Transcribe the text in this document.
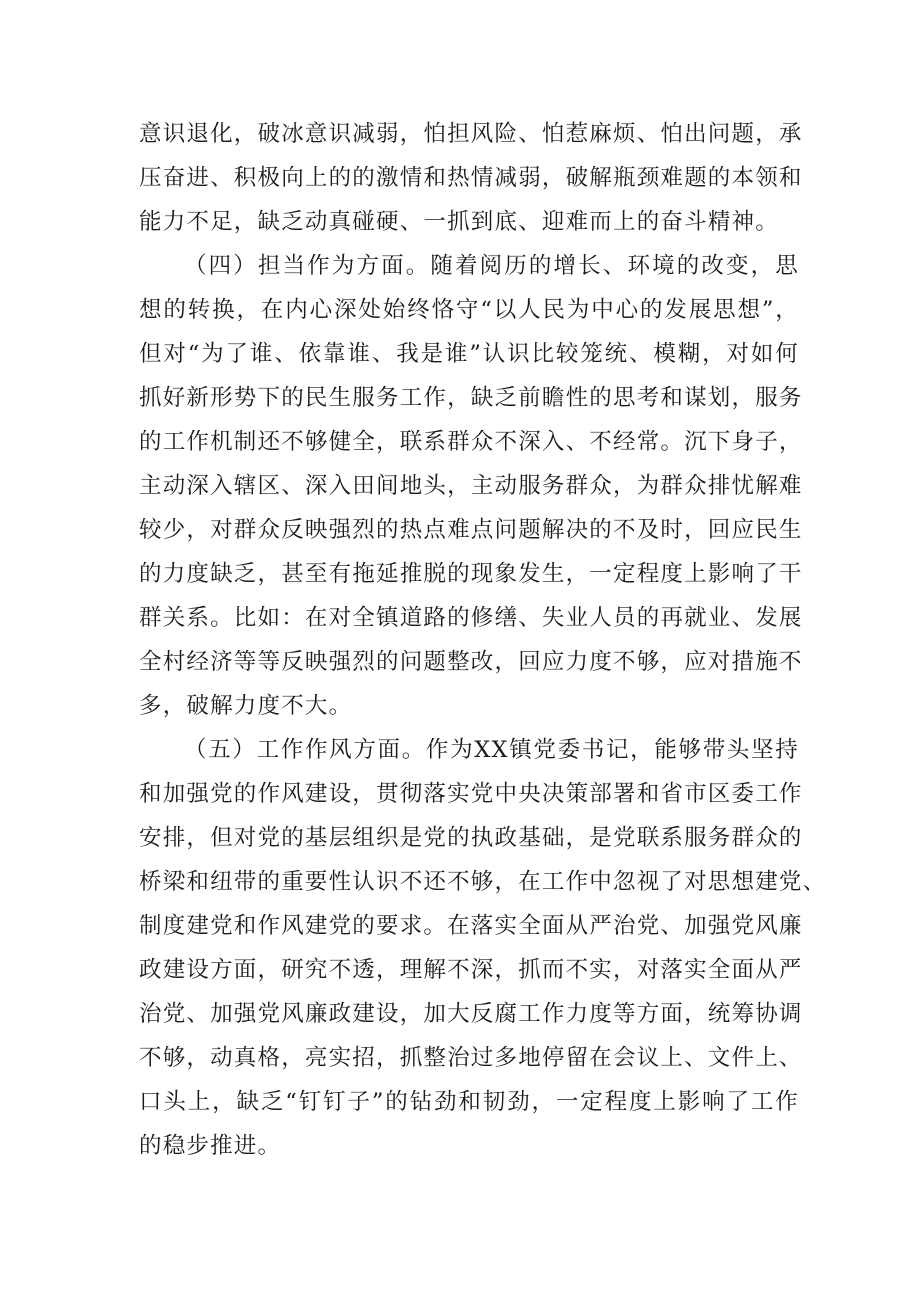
意识退化，破冰意识减弱，怕担风险、怕惹麻烦、怕出问题，承
压奋进、积极向上的的激情和热情减弱，破解瓶颈难题的本领和
能力不足，缺乏动真碰硬、一抓到底、迎难而上的奋斗精神。
（四）担当作为方面。随着阅历的增长、环境的改变，思
想的转换，在内心深处始终恪守“以人民为中心的发展思想”，
但对“为了谁、依靠谁、我是谁”认识比较笼统、模糊，对如何
抓好新形势下的民生服务工作，缺乏前瞻性的思考和谋划，服务
的工作机制还不够健全，联系群众不深入、不经常。沉下身子，
主动深入辖区、深入田间地头，主动服务群众，为群众排忧解难
较少，对群众反映强烈的热点难点问题解决的不及时，回应民生
的力度缺乏，甚至有拖延推脱的现象发生，一定程度上影响了干
群关系。比如：在对全镇道路的修缮、失业人员的再就业、发展
全村经济等等反映强烈的问题整改，回应力度不够，应对措施不
多，破解力度不大。
（五）工作作风方面。作为XX镇党委书记，能够带头坚持
和加强党的作风建设，贯彻落实党中央决策部署和省市区委工作
安排，但对党的基层组织是党的执政基础，是党联系服务群众的
桥梁和纽带的重要性认识不还不够，在工作中忽视了对思想建党、
制度建党和作风建党的要求。在落实全面从严治党、加强党风廉
政建设方面，研究不透，理解不深，抓而不实，对落实全面从严
治党、加强党风廉政建设，加大反腐工作力度等方面，统筹协调
不够，动真格，亮实招，抓整治过多地停留在会议上、文件上、
口头上，缺乏“钉钉子”的钻劲和韧劲，一定程度上影响了工作
的稳步推进。
